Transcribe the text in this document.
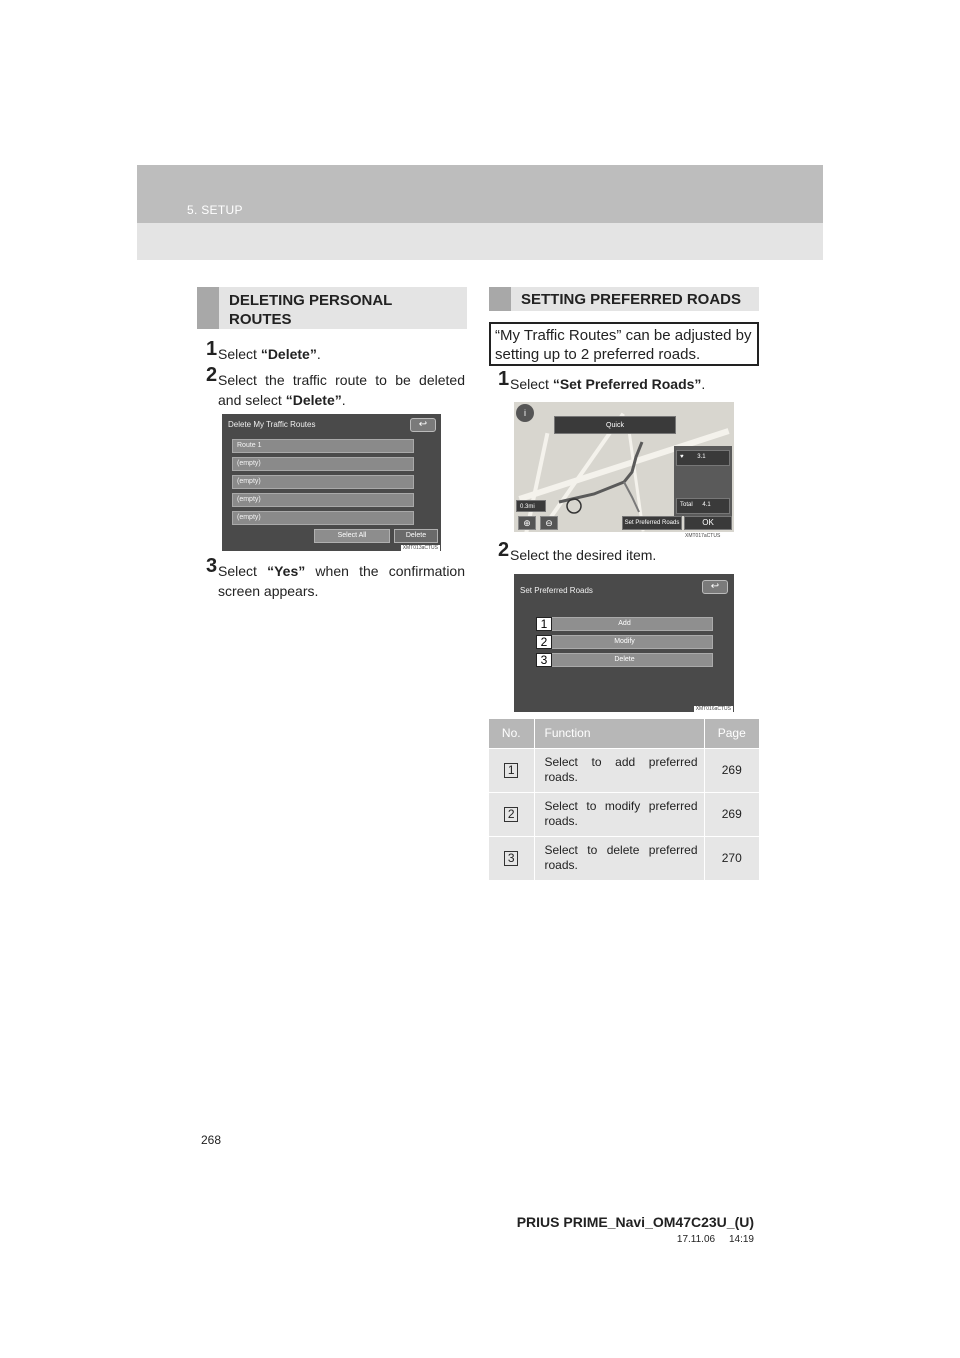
5. SETUP
DELETING PERSONAL ROUTES
1 Select “Delete”.
2 Select the traffic route to be deleted and select “Delete”.
Delete My Traffic Routes	↩
Route 1
(empty)
(empty)
(empty)
(empty)
Select All	Delete
XMT013aCTUS
3 Select “Yes” when the confirmation screen appears.
SETTING PREFERRED ROADS
“My Traffic Routes” can be adjusted by setting up to 2 preferred roads.
1 Select “Set Preferred Roads”.
i
Quick
♥ 3.1
Total 4.1
0.3mi
⊕	⊖	Set Preferred Roads	OK
XMT017aCTUS
2 Select the desired item.
Set Preferred Roads	↩
Add
Modify
Delete
1
2
3
XMT016aCTUS
No.	Function	Page
1	Select to add preferred roads.	269
2	Select to modify preferred roads.	269
3	Select to delete preferred roads.	270
268
PRIUS PRIME_Navi_OM47C23U_(U)
17.11.06     14:19
